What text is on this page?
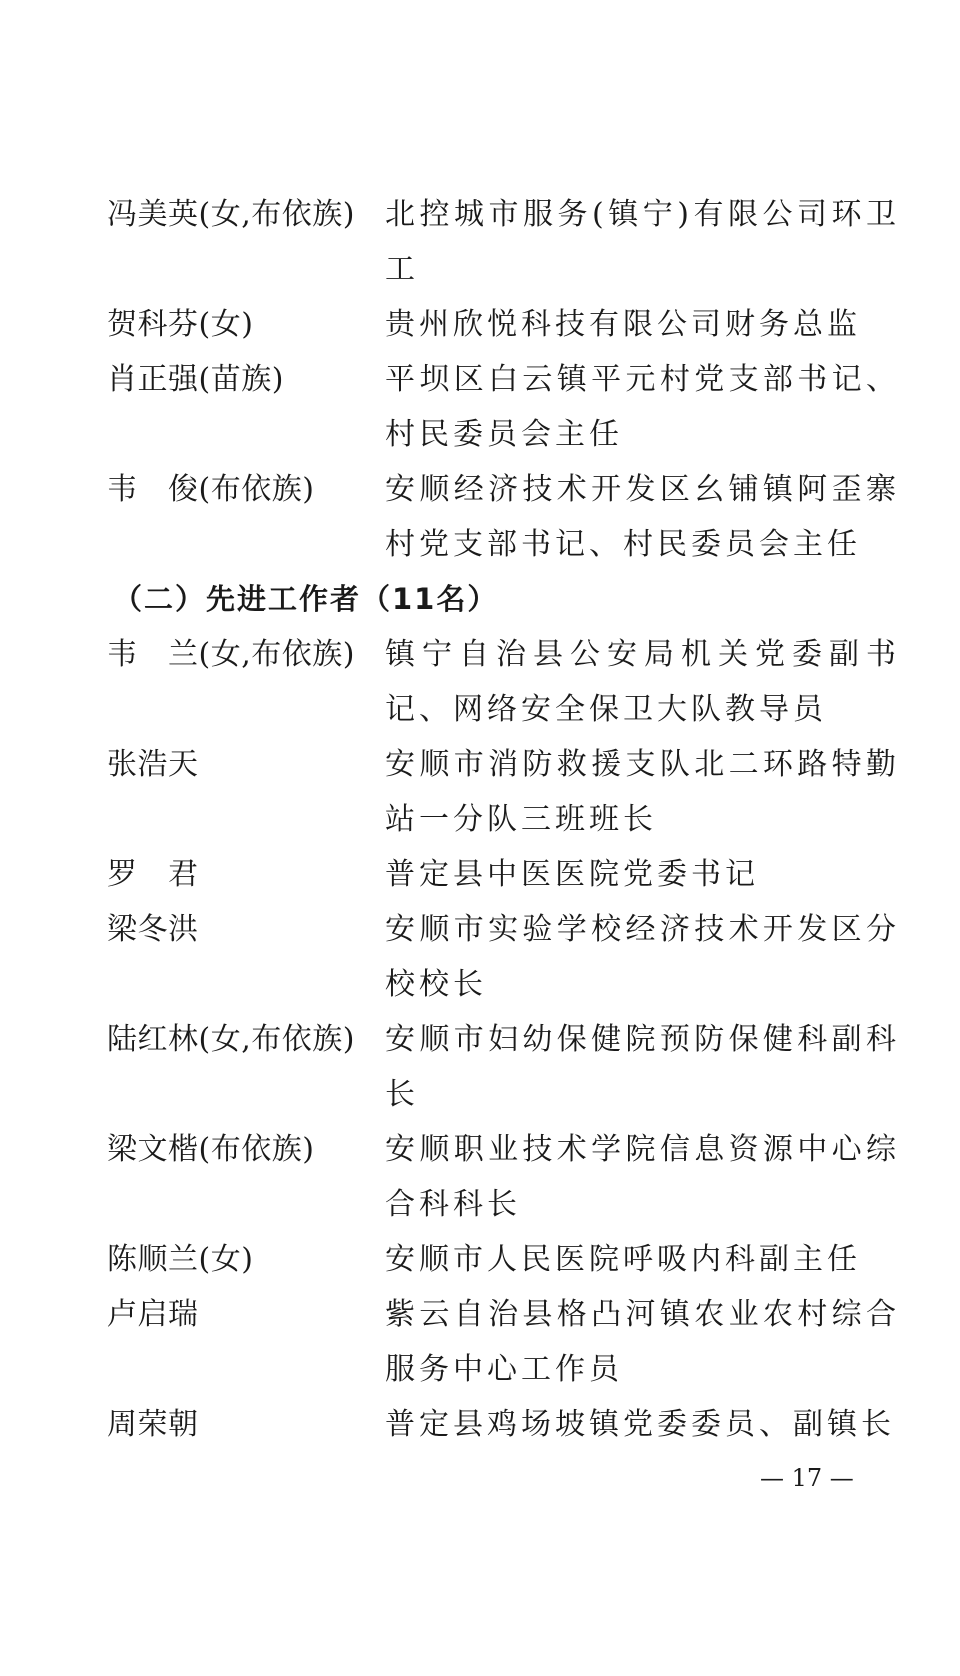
冯美英(女,布依族)	北控城市服务(镇宁)有限公司环卫工
贺科芬(女)	贵州欣悦科技有限公司财务总监
肖正强(苗族)	平坝区白云镇平元村党支部书记、村民委员会主任
韦　俊(布依族)	安顺经济技术开发区幺铺镇阿歪寨村党支部书记、村民委员会主任
（二）先进工作者（11名）
韦　兰(女,布依族)	镇宁自治县公安局机关党委副书记、网络安全保卫大队教导员
张浩天	安顺市消防救援支队北二环路特勤站一分队三班班长
罗　君	普定县中医医院党委书记
梁冬洪	安顺市实验学校经济技术开发区分校校长
陆红林(女,布依族)	安顺市妇幼保健院预防保健科副科长
梁文楷(布依族)	安顺职业技术学院信息资源中心综合科科长
陈顺兰(女)	安顺市人民医院呼吸内科副主任
卢启瑞	紫云自治县格凸河镇农业农村综合服务中心工作员
周荣朝	普定县鸡场坡镇党委委员、副镇长
— 17 —
